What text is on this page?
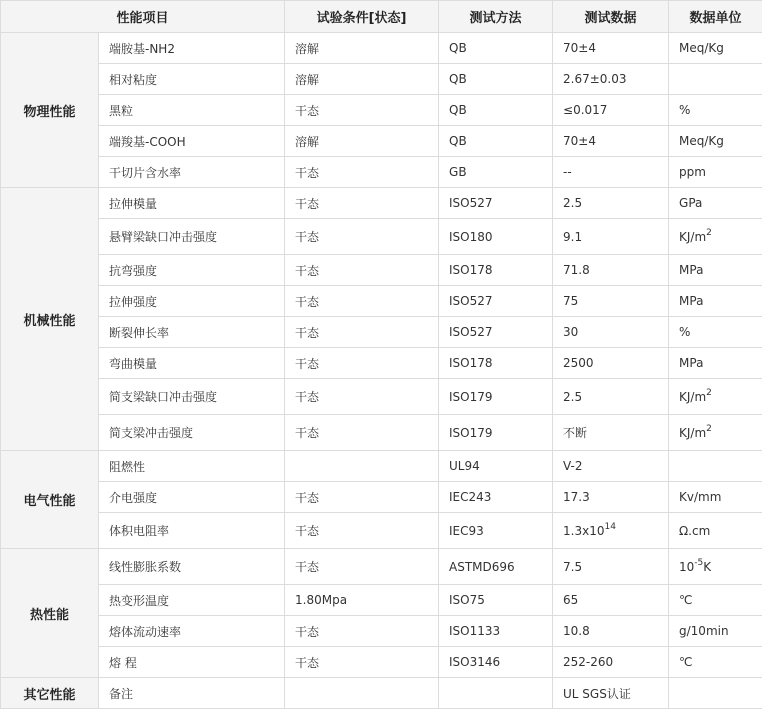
性能项目		试验条件[状态]	测试方法	测试数据	数据单位
物理性能	端胺基-NH2	溶解	QB	70±4	Meq/Kg
	相对粘度	溶解	QB	2.67±0.03	
	黑粒	干态	QB	≤0.017	%
	端羧基-COOH	溶解	QB	70±4	Meq/Kg
	干切片含水率	干态	GB	--	ppm
机械性能	拉伸模量	干态	ISO527	2.5	GPa
	悬臂梁缺口冲击强度	干态	ISO180	9.1	$KJ/m^2$
	抗弯强度	干态	ISO178	71.8	MPa
	拉伸强度	干态	ISO527	75	MPa
	断裂伸长率	干态	ISO527	30	%
	弯曲模量	干态	ISO178	2500	MPa
	简支梁缺口冲击强度	干态	ISO179	2.5	$KJ/m^2$
	简支梁冲击强度	干态	ISO179	不断	$KJ/m^2$
电气性能	阻燃性		UL94	V-2	
	介电强度	干态	IEC243	17.3	Kv/mm
	体积电阻率	干态	IEC93	$1.3x10^{14}$	Ω.cm
热性能	线性膨胀系数	干态	ASTMD696	7.5	$10^{-5}K$
	热变形温度	1.80Mpa	ISO75	65	℃
	熔体流动速率	干态	ISO1133	10.8	g/10min
	熔 程	干态	ISO3146	252-260	℃
其它性能	备注			UL SGS认证	
